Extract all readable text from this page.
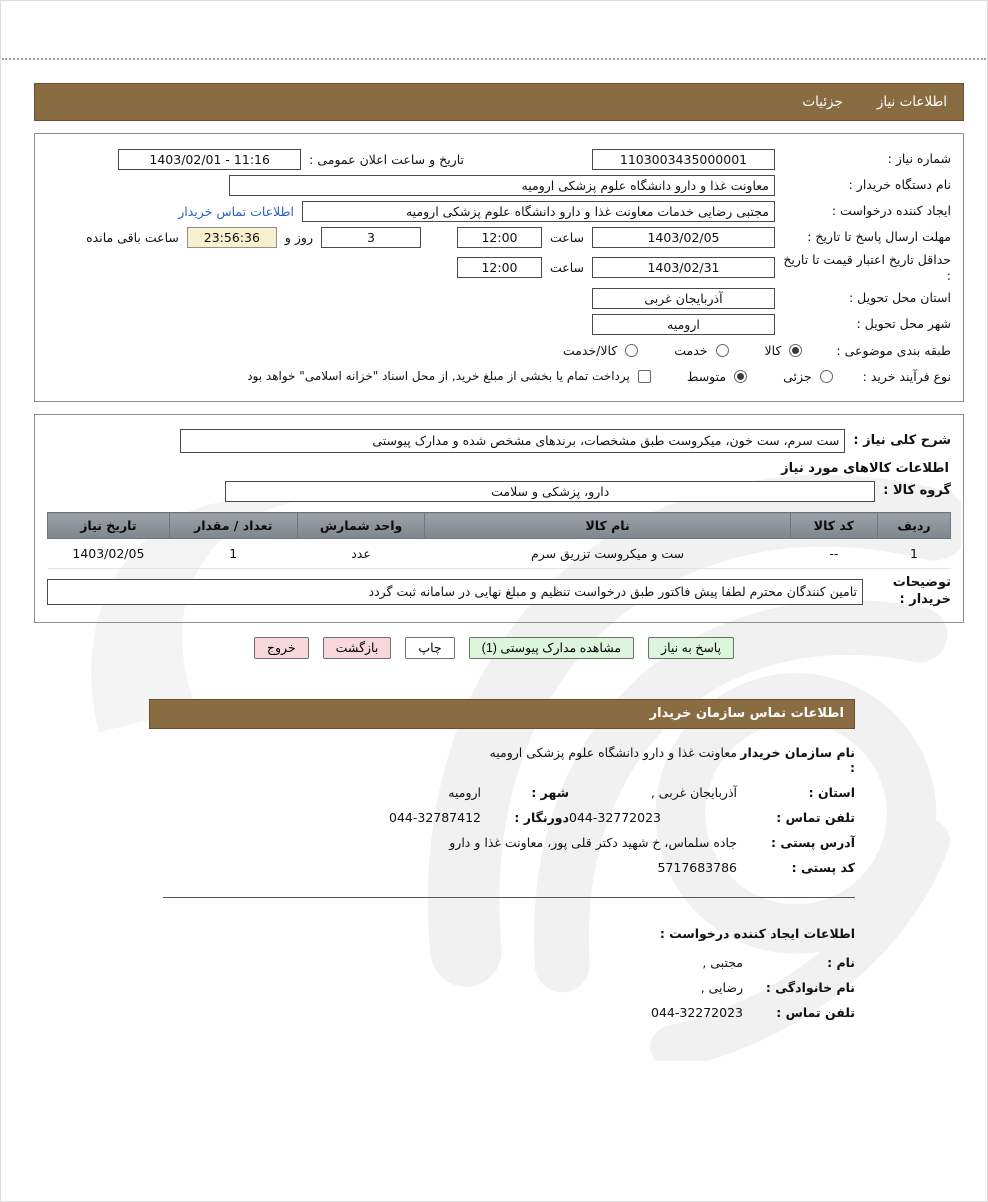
اطلاعات نیاز
جزئیات
شماره نیاز :
1103003435000001
تاریخ و ساعت اعلان عمومی :
1403/02/01 - 11:16
نام دستگاه خریدار :
معاونت غذا و دارو دانشگاه علوم پزشکی ارومیه
ایجاد کننده درخواست :
مجتبی رضایی خدمات معاونت غذا و دارو دانشگاه علوم پزشکی ارومیه
اطلاعات تماس خریدار
مهلت ارسال پاسخ تا تاریخ :
1403/02/05
ساعت
12:00
3
روز و
23:56:36
ساعت باقی مانده
حداقل تاریخ اعتبار قیمت تا تاریخ :
1403/02/31
ساعت
12:00
استان محل تحویل :
آذربایجان غربی
شهر محل تحویل :
ارومیه
طبقه بندی موضوعی :
کالا
خدمت
کالا/خدمت
نوع فرآیند خرید :
جزئی
متوسط
پرداخت تمام یا بخشی از مبلغ خرید, از محل اسناد "خزانه اسلامی" خواهد بود
شرح کلی نیاز :
ست سرم، ست خون، میکروست طبق مشخصات، برندهای مشخص شده و مدارک پیوستی
اطلاعات کالاهای مورد نیاز
گروه کالا :
دارو، پزشکی و سلامت
ردیف	کد کالا	نام کالا	واحد شمارش	تعداد / مقدار	تاریخ نیاز
1	--	ست و میکروست تزریق سرم	عدد	1	1403/02/05
توضیحات خریدار :
تامین کنندگان محترم لطفا پیش فاکتور طبق درخواست تنظیم و مبلغ نهایی در سامانه ثبت گردد
پاسخ به نیاز
مشاهده مدارک پیوستی (1)
چاپ
بازگشت
خروج
اطلاعات تماس سازمان خریدار
نام سازمان خریدار :
معاونت غذا و دارو دانشگاه علوم پزشکی ارومیه
استان :
آذربایجان غربی ,
شهر :
ارومیه
تلفن تماس :
044-32772023
دورنگار :
044-32787412
آدرس پستی :
جاده سلماس، خ شهید دکتر قلی پور، معاونت غذا و دارو
کد پستی :
5717683786
اطلاعات ایجاد کننده درخواست :
نام :
مجتبی ,
نام خانوادگی :
رضایی ,
تلفن تماس :
044-32272023
